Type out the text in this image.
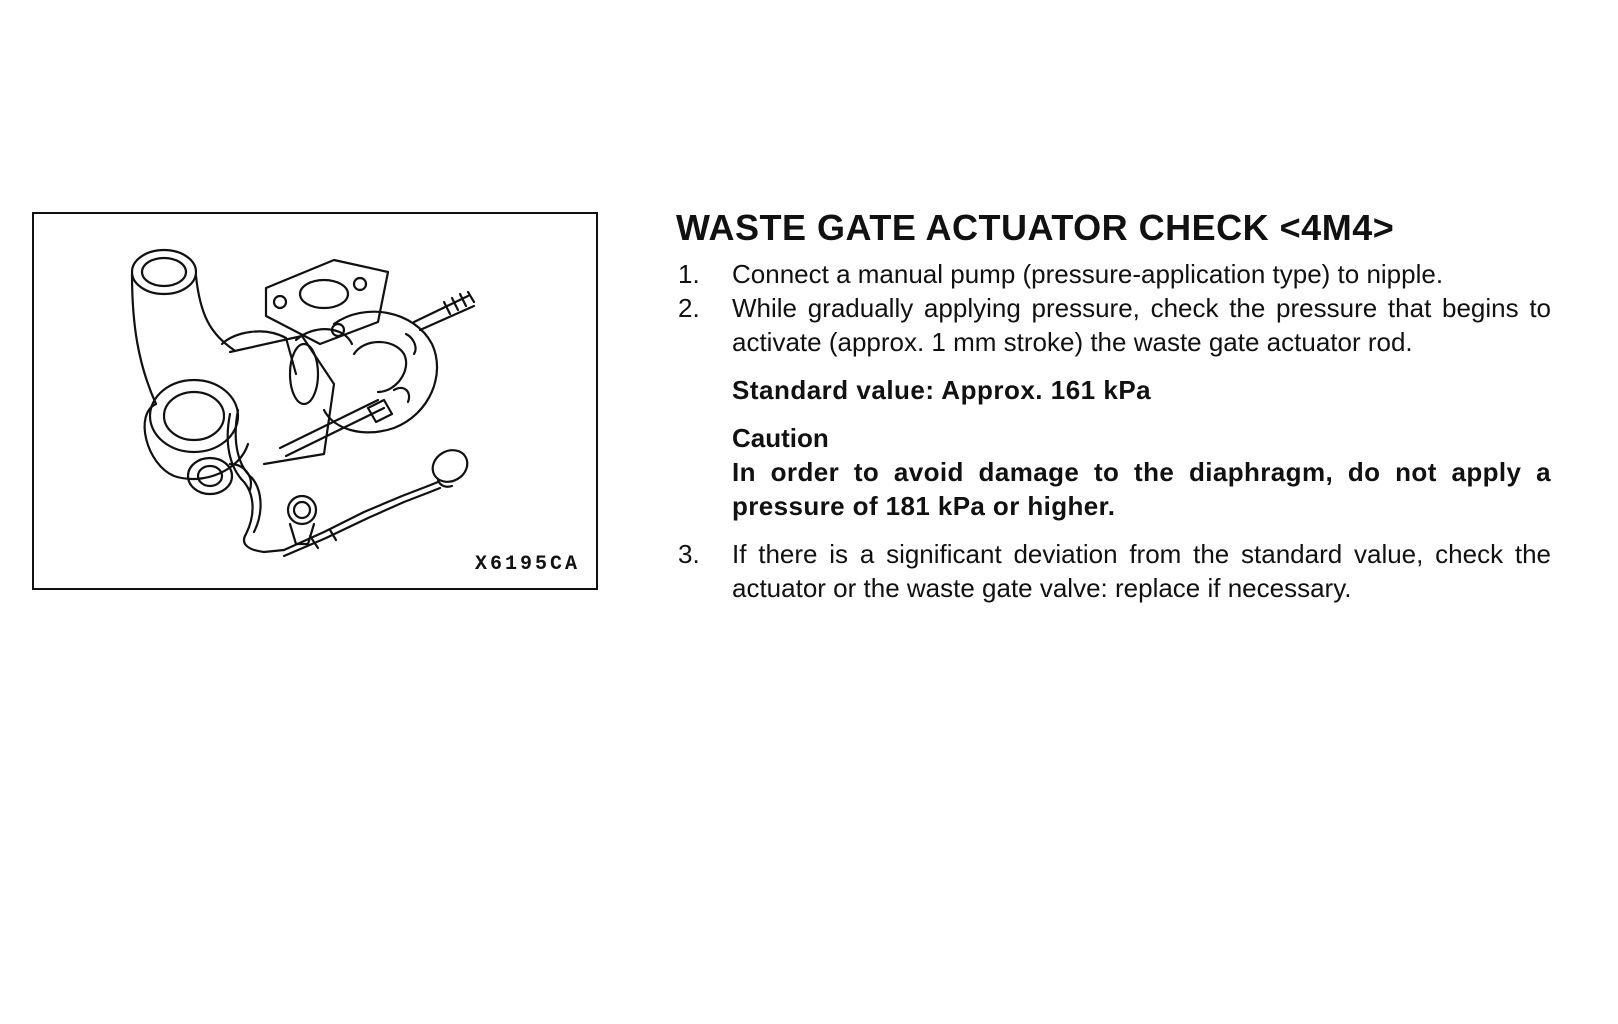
X6195CA
WASTE GATE ACTUATOR CHECK <4M4>
1. Connect a manual pump (pressure-application type) to nipple.
2. While gradually applying pressure, check the pressure that begins to activate (approx. 1 mm stroke) the waste gate actuator rod.
Standard value: Approx. 161 kPa
Caution
In order to avoid damage to the diaphragm, do not apply a pressure of 181 kPa or higher.
3. If there is a significant deviation from the standard value, check the actuator or the waste gate valve: replace if necessary.
